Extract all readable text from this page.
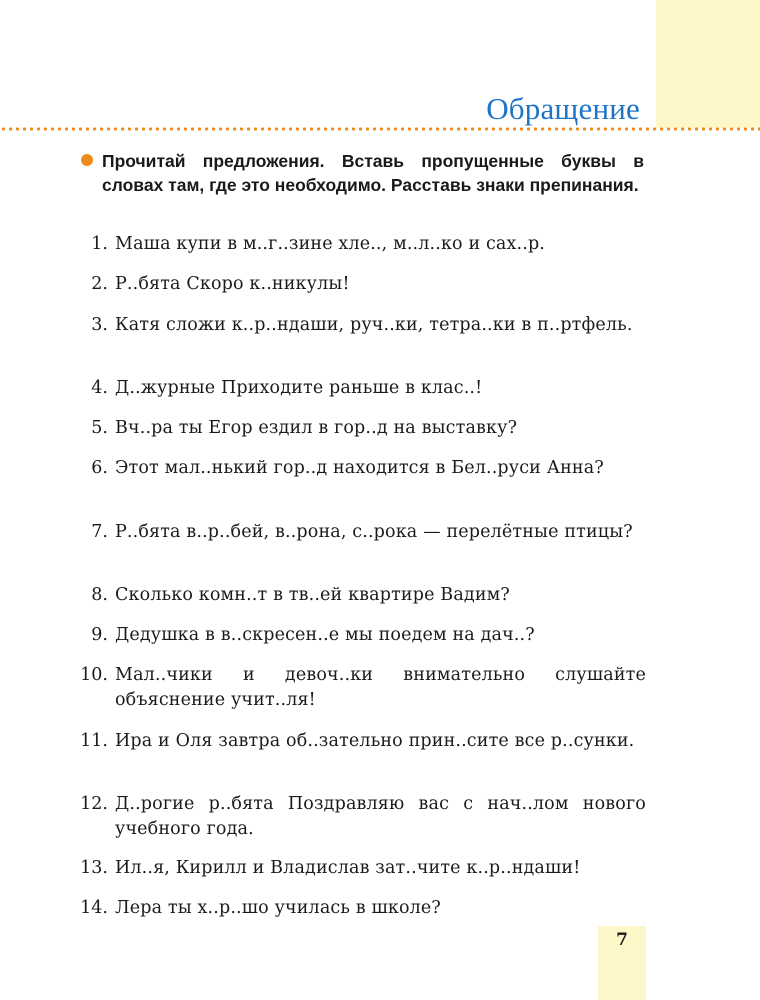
Обращение
Прочитай предложения. Вставь пропущенные буквы в словах там, где это необходимо. Расставь знаки препинания.
1. Маша купи в м..г..зине хле.., м..л..ко и сах..р.
2. Р..бята Скоро к..никулы!
3. Катя сложи к..р..ндаши, руч..ки, тетра..ки в п..ртфель.
4. Д..журные Приходите раньше в клас..!
5. Вч..ра ты Егор ездил в гор..д на выставку?
6. Этот мал..нький гор..д находится в Бел..руси Анна?
7. Р..бята в..р..бей, в..рона, с..рока — перелётные птицы?
8. Сколько комн..т в тв..ей квартире Вадим?
9. Дедушка в в..скресен..е мы поедем на дач..?
10. Мал..чики и девоч..ки внимательно слушайте объяснение учит..ля!
11. Ира и Оля завтра об..зательно прин..сите все р..сунки.
12. Д..рогие р..бята Поздравляю вас с нач..лом нового учебного года.
13. Ил..я, Кирилл и Владислав зат..чите к..р..ндаши!
14. Лера ты х..р..шо училась в школе?
7
